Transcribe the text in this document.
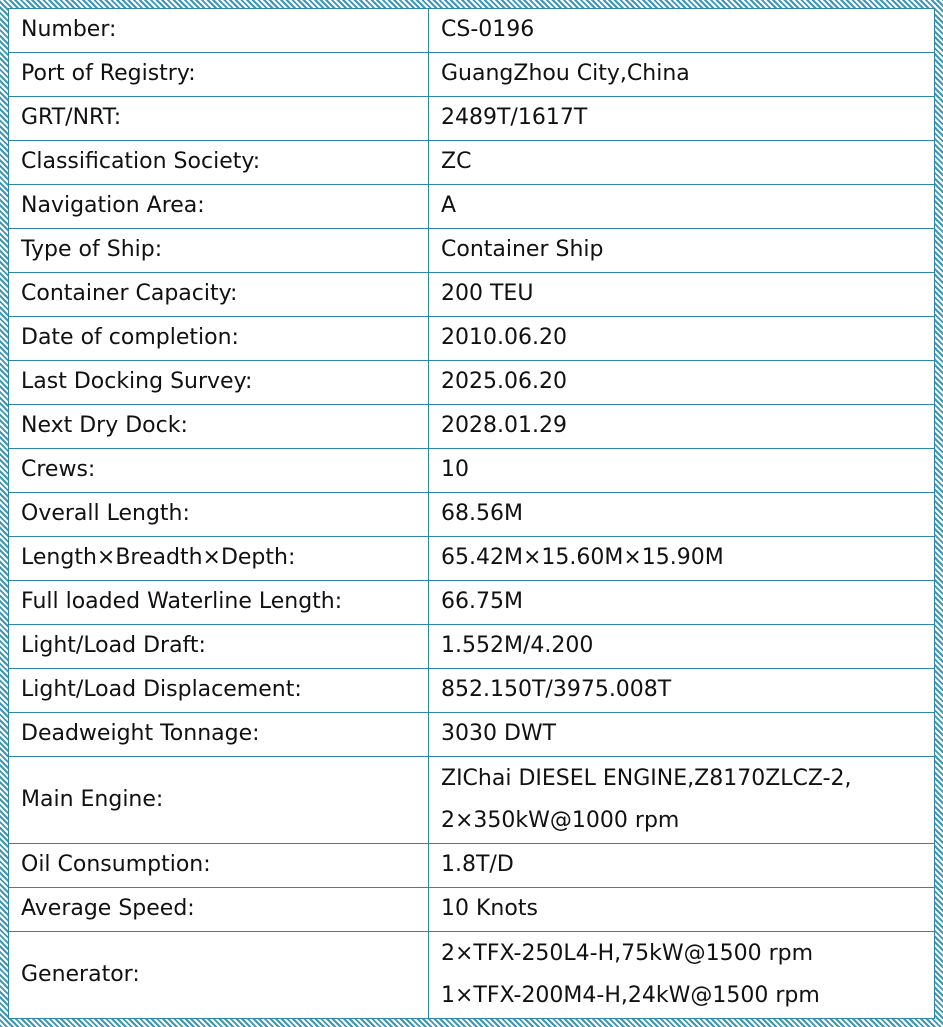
Number:	CS-0196

Port of Registry:	GuangZhou City,China

GRT/NRT:	2489T/1617T

Classification Society:	ZC

Navigation Area:	A

Type of Ship:	Container Ship

Container Capacity:	200 TEU

Date of completion:	2010.06.20

Last Docking Survey:	2025.06.20

Next Dry Dock:	2028.01.29

Crews:	10

Overall Length:	68.56M

Length×Breadth×Depth:	65.42M×15.60M×15.90M

Full loaded Waterline Length:	66.75M

Light/Load Draft:	1.552M/4.200

Light/Load Displacement:	852.150T/3975.008T

Deadweight Tonnage:	3030 DWT

Main Engine:	ZIChai DIESEL ENGINE,Z8170ZLCZ-2,
2×350kW@1000 rpm

Oil Consumption:	1.8T/D

Average Speed:	10 Knots

Generator:	2×TFX-250L4-H,75kW@1500 rpm
1×TFX-200M4-H,24kW@1500 rpm
